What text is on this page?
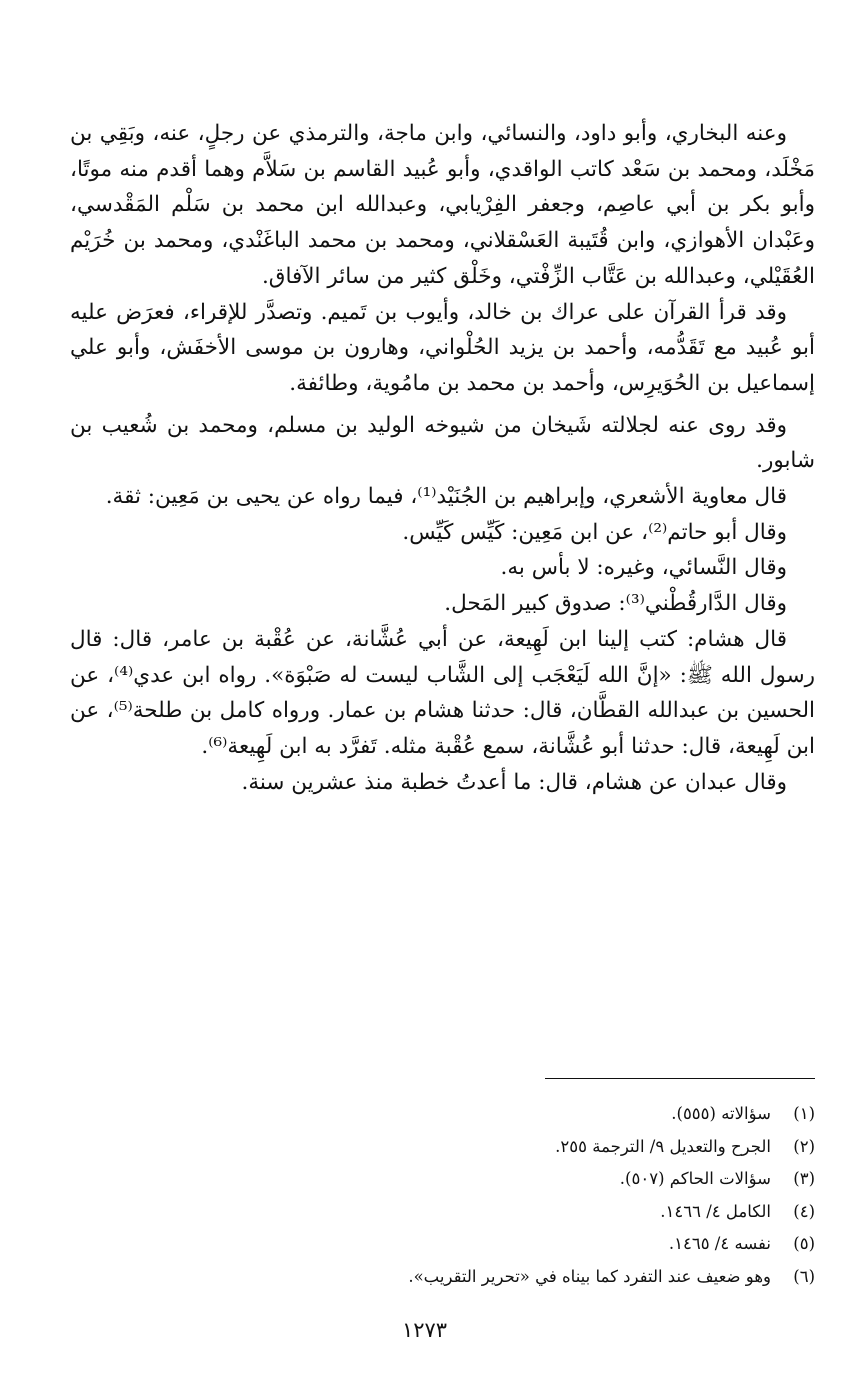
وعنه البخاري، وأبو داود، والنسائي، وابن ماجة، والترمذي عن رجلٍ، عنه، وبَقِي بن مَخْلَد، ومحمد بن سَعْد كاتب الواقدي، وأبو عُبيد القاسم بن سَلاَّم وهما أقدم منه موتًا، وأبو بكر بن أبي عاصِم، وجعفر الفِرْيابي، وعبدالله ابن محمد بن سَلْم المَقْدسي، وعَبْدان الأهوازي، وابن قُتَيبة العَسْقلاني، ومحمد بن محمد الباغَنْدي، ومحمد بن خُرَيْم العُقَيْلي، وعبدالله بن عَتَّاب الزِّفْتي، وخَلْق كثير من سائر الآفاق.

وقد قرأ القرآن على عراك بن خالد، وأيوب بن تَميم. وتصدَّر للإقراء، فعرَض عليه أبو عُبيد مع تَقَدُّمه، وأحمد بن يزيد الحُلْواني، وهارون بن موسى الأخفَش، وأبو علي إسماعيل بن الحُوَيرِس، وأحمد بن محمد بن مامُوية، وطائفة.

وقد روى عنه لجلالته شَيخان من شيوخه الوليد بن مسلم، ومحمد بن شُعيب بن شابور.

قال معاوية الأشعري، وإبراهيم بن الجُنَيْد⁽¹⁾، فيما رواه عن يحيى بن مَعِين: ثقة.

وقال أبو حاتم⁽²⁾، عن ابن مَعِين: كَيِّس كَيِّس.

وقال النَّسائي، وغيره: لا بأس به.

وقال الدَّارقُطْني⁽³⁾: صدوق كبير المَحل.

قال هشام: كتب إلينا ابن لَهِيعة، عن أبي عُشَّانة، عن عُقْبة بن عامر، قال: قال رسول الله ﷺ: «إنَّ الله لَيَعْجَب إلى الشَّاب ليست له صَبْوَة». رواه ابن عدي⁽⁴⁾، عن الحسين بن عبدالله القطَّان، قال: حدثنا هشام بن عمار. ورواه كامل بن طلحة⁽⁵⁾، عن ابن لَهِيعة، قال: حدثنا أبو عُشَّانة، سمع عُقْبة مثله. تَفرَّد به ابن لَهِيعة⁽⁶⁾.

وقال عبدان عن هشام، قال: ما أعدتُ خطبة منذ عشرين سنة.

(١)سؤالاته (٥٥٥).
(٢)الجرح والتعديل ٩/ الترجمة ٢٥٥.
(٣)سؤالات الحاكم (٥٠٧).
(٤)الكامل ٤/ ١٤٦٦.
(٥)نفسه ٤/ ١٤٦٥.
(٦)وهو ضعيف عند التفرد كما بيناه في «تحرير التقريب».
١٢٧٣
